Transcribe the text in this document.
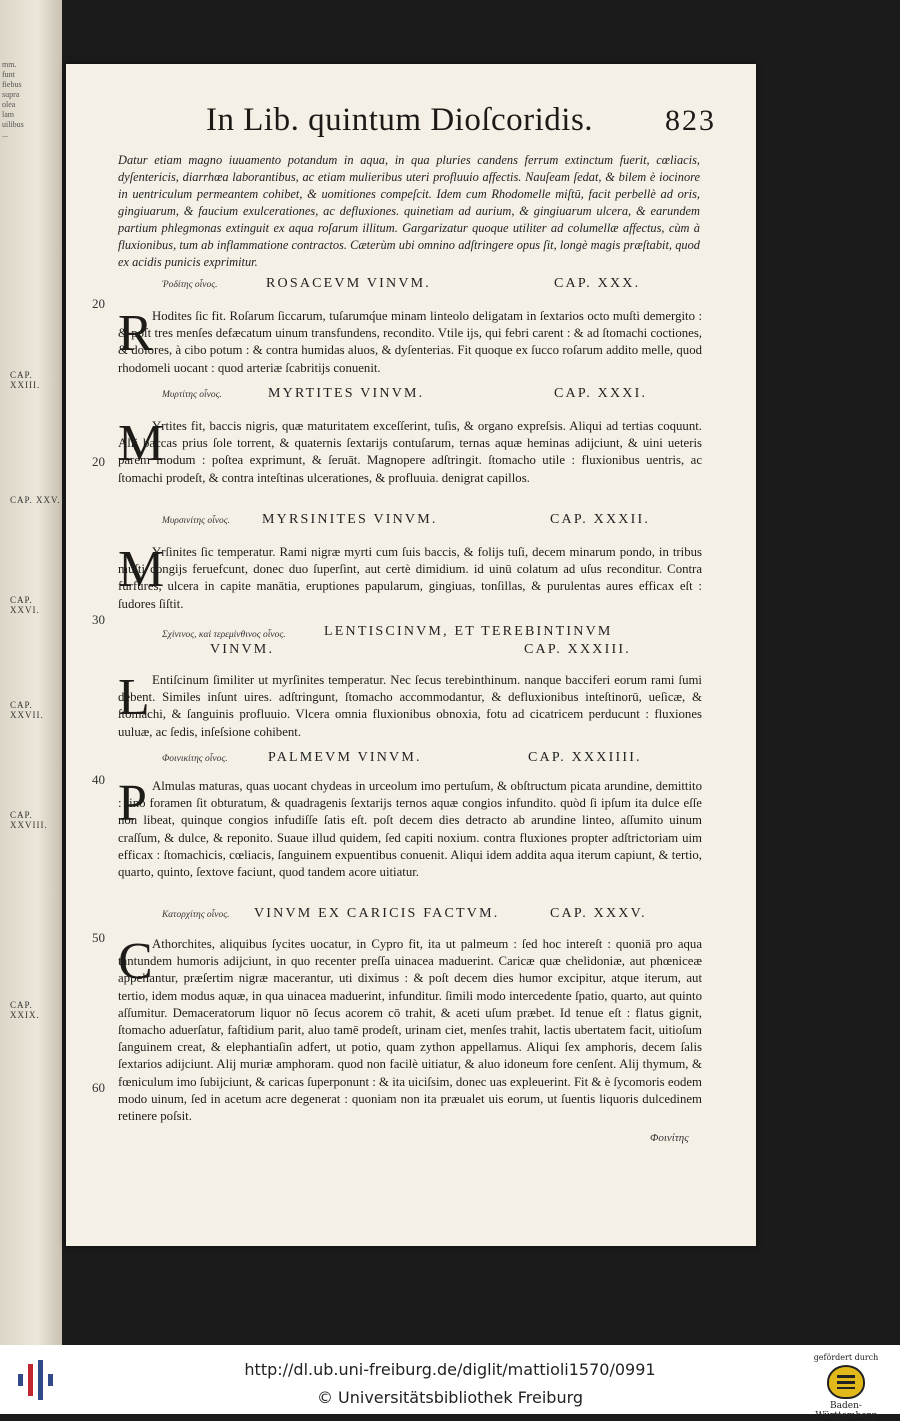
mm.
funt
fiebus
supra
olea
lam
uilibus
...
CAP. XXIII.
CAP. XXV.
CAP. XXVI.
CAP. XXVII.
CAP. XXVIII.
CAP. XXIX.
In Lib. quintum Dioſcoridis. 823
Datur etiam magno iuuamento potandum in aqua, in qua pluries candens ferrum extinctum fuerit, cœliacis, dyſentericis, diarrhœa laborantibus, ac etiam mulieribus uteri profluuio affectis. Nauſeam ſedat, & bilem è iocinore in uentriculum permeantem cohibet, & uomitiones compeſcit. Idem cum Rhodomelle miſtū, facit perbellè ad oris, gingiuarum, & faucium exulcerationes, ac defluxiones. quinetiam ad aurium, & gingiuarum ulcera, & earundem partium phlegmonas extinguit ex aqua roſarum illitum. Gargarizatur quoque utiliter ad columellæ affectus, cùm à fluxionibus, tum ab inflammatione contractos. Cæterùm ubi omnino adſtringere opus ſit, longè magis præſtabit, quod ex acidis punicis exprimitur.
Ῥοδίτης οἶνος.	ROSACEVM VINVM.	CAP. XXX.
20
R Hodites ſic fit. Roſarum ſiccarum, tuſarumq́ue minam linteolo deligatam in ſextarios octo muſti demergito : & poſt tres menſes defæcatum uinum transfundens, recondito. Vtile ijs, qui febri carent : & ad ſtomachi coctiones, & dolores, à cibo potum : & contra humidas aluos, & dyſenterias. Fit quoque ex ſucco roſarum addito melle, quod rhodomeli uocant : quod arteriæ ſcabritijs conuenit.
Μυρτίτης οἶνος.	MYRTITES VINVM.	CAP. XXXI.
M
20
Yrtites fit, baccis nigris, quæ maturitatem exceſſerint, tuſis, & organo expreſsis. Aliqui ad tertias coquunt. Alij baccas prius ſole torrent, & quaternis ſextarijs contuſarum, ternas aquæ heminas adijciunt, & uini ueteris parem modum : poſtea exprimunt, & ſeruāt. Magnopere adſtringit. ſtomacho utile : fluxionibus uentris, ac ſtomachi prodeſt, & contra inteſtinas ulcerationes, & profluuia. denigrat capillos.
Μυρσινίτης οἶνος. MYRSINITES VINVM.	CAP. XXXII.
M
Yrſinites ſic temperatur. Rami nigræ myrti cum ſuis baccis, & folijs tuſi, decem minarum pondo, in tribus muſti congijs feruefcunt, donec duo ſuperſint, aut certè dimidium. id uinū colatum ad uſus reconditur. Contra furfures, ulcera in capite manātia, eruptiones papularum, gingiuas, tonſillas, & purulentas aures efficax eſt : ſudores ſiſtit.
30
Σχίνινος, καὶ τερεμίνθινος οἶνος.	LENTISCINVM, ET TEREBINTINVM
VINVM.	CAP. XXXIII.
L Entiſcinum ſimiliter ut myrſinites temperatur. Nec ſecus terebinthinum. nanque bacciferi eorum rami ſumi debent. Similes inſunt uires. adſtringunt, ſtomacho accommodantur, & defluxionibus inteſtinorū, ueſicæ, & ſtomachi, & ſanguinis profluuio. Vlcera omnia fluxionibus obnoxia, fotu ad cicatricem perducunt : fluxiones uuluæ, ac ſedis, inſeſsione cohibent.
Φοινικίτης οἶνος.	PALMEVM VINVM.	CAP. XXXIIII.
40 P Almulas maturas, quas uocant chydeas in urceolum imo pertuſum, & obſtructum picata arundine, demittito : lino foramen ſit obturatum, & quadragenis ſextarijs ternos aquæ congios infundito. quòd ſi ipſum ita dulce eſſe non libeat, quinque congios infudiſſe ſatis eſt. poſt decem dies detracto ab arundine linteo, aſſumito uinum craſſum, & dulce, & reponito. Suaue illud quidem, ſed capiti noxium. contra fluxiones propter adſtrictoriam uim efficax : ſtomachicis, cœliacis, ſanguinem expuentibus conuenit. Aliqui idem addita aqua iterum capiunt, & tertio, quarto, quinto, ſextove faciunt, quod tandem acore uitiatur.
Κατορχίτης οἶνος. VINVM EX CARICIS FACTVM.	CAP. XXXV.
50 C Athorchites, aliquibus ſycites uocatur, in Cypro fit, ita ut palmeum : ſed hoc intereſt : quoniā pro aqua tantundem humoris adijciunt, in quo recenter preſſa uinacea maduerint. Caricæ quæ chelidoniæ, aut phœniceæ appellantur, præſertim nigræ macerantur, uti diximus : & poſt decem dies humor excipitur, atque iterum, aut tertio, idem modus aquæ, in qua uinacea maduerint, infunditur. ſimili modo intercedente ſpatio, quarto, aut quinto aſſumitur. Demaceratorum liquor nō ſecus acorem cō trahit, & aceti uſum præbet. Id tenue eſt : flatus gignit, ſtomacho aduerſatur, faſtidium parit, aluo tamē prodeſt, urinam ciet, menſes trahit, lactis ubertatem facit, uitioſum ſanguinem creat, & elephantiaſin adfert, ut potio, quam zython appellamus. Aliqui ſex amphoris, decem ſalis ſextarios adijciunt. Alij muriæ amphoram. quod non facilè uitiatur, & aluo idoneum fore cenſent. Alij thymum, & fœniculum imo ſubijciunt, & caricas ſuperponunt : & ita uiciſsim, donec uas expleuerint. Fit & è ſycomoris eodem modo uinum, ſed in acetum acre degenerat : quoniam non ita præualet uis eorum, ut ſuentis liquoris dulcedinem retinere poſsit.
60
Φοινίτης
http://dl.ub.uni-freiburg.de/diglit/mattioli1570/0991
© Universitätsbibliothek Freiburg
gefördert durch
Baden-Württemberg
